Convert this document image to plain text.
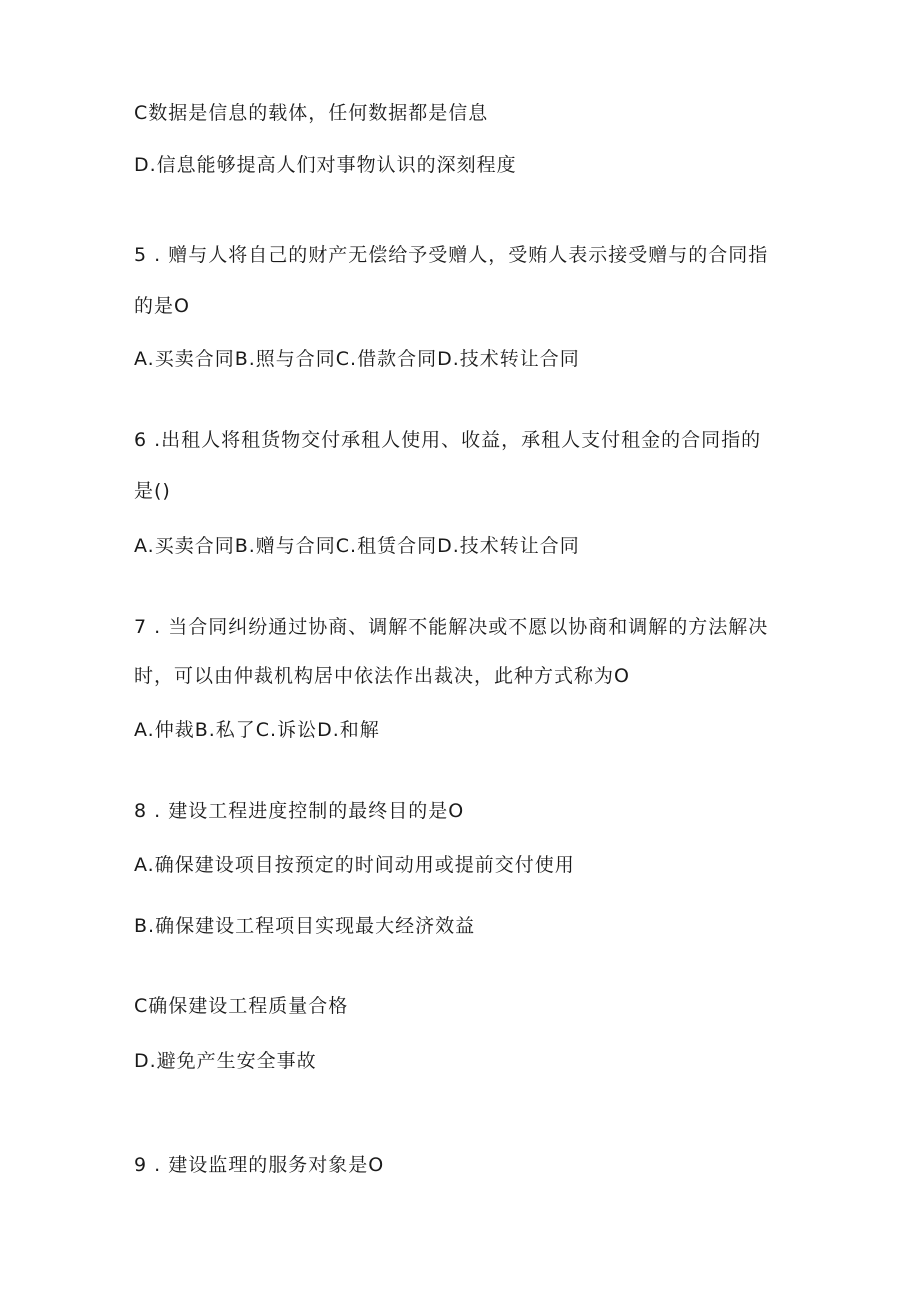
C数据是信息的载体，任何数据都是信息
D.信息能够提高人们对事物认识的深刻程度
5 . 赠与人将自己的财产无偿给予受赠人，受贿人表示接受赠与的合同指
的是O
A.买卖合同B.照与合同C.借款合同D.技术转让合同
6 .出租人将租货物交付承租人使用、收益，承租人支付租金的合同指的
是()
A.买卖合同B.赠与合同C.租赁合同D.技术转让合同
7 . 当合同纠纷通过协商、调解不能解决或不愿以协商和调解的方法解决
时，可以由仲裁机构居中依法作出裁决，此种方式称为O
A.仲裁B.私了C.诉讼D.和解
8 . 建设工程进度控制的最终目的是O
A.确保建设项目按预定的时间动用或提前交付使用
B.确保建设工程项目实现最大经济效益
C确保建设工程质量合格
D.避免产生安全事故
9 . 建设监理的服务对象是O
